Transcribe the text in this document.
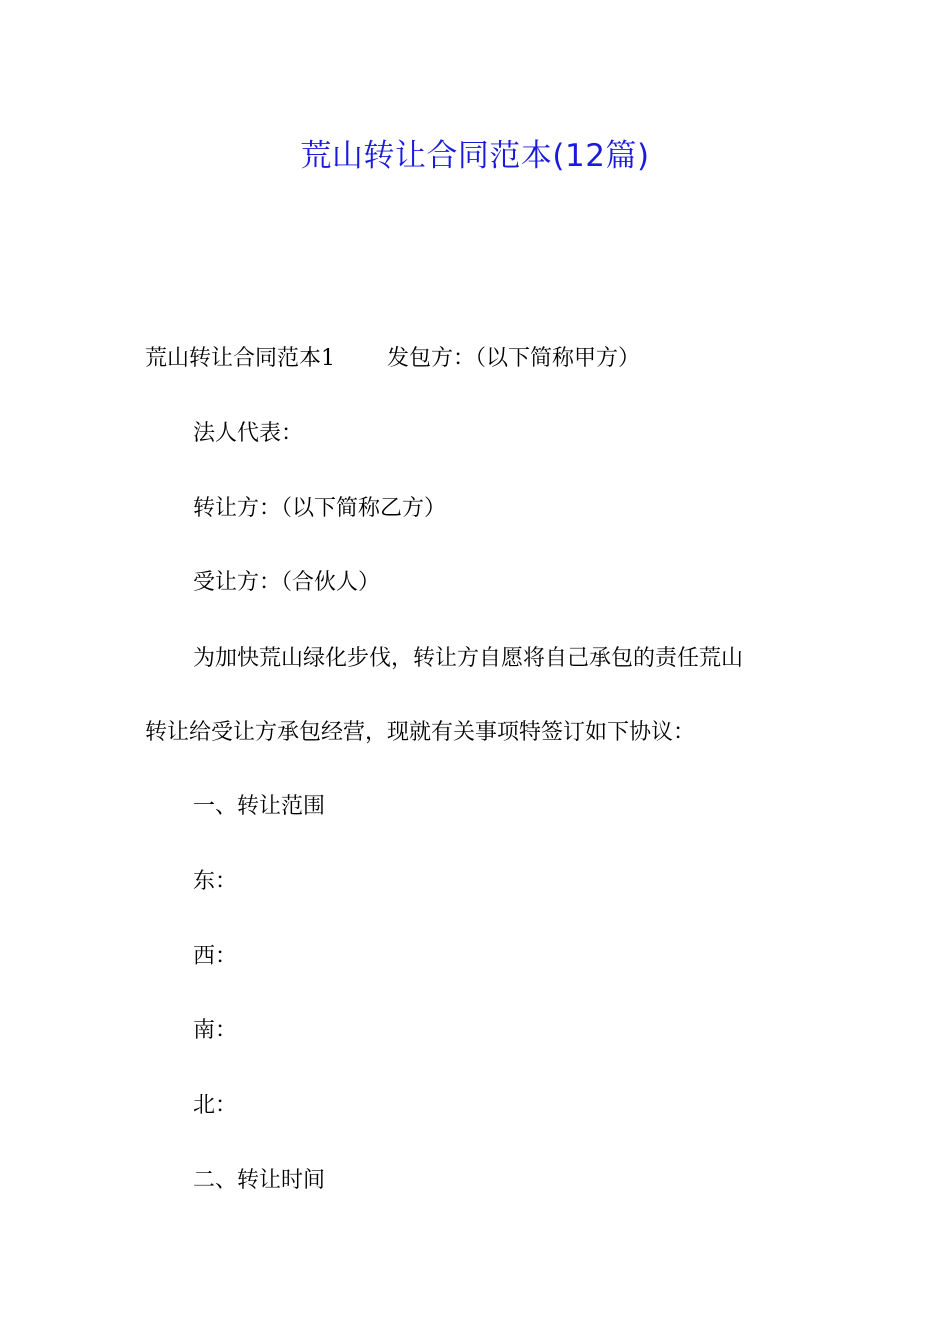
荒山转让合同范本(12篇)
荒山转让合同范本1 发包方：（以下简称甲方）
法人代表：
转让方：（以下简称乙方）
受让方：（合伙人）
为加快荒山绿化步伐，转让方自愿将自己承包的责任荒山
转让给受让方承包经营，现就有关事项特签订如下协议：
一、转让范围
东：
西：
南：
北：
二、转让时间
